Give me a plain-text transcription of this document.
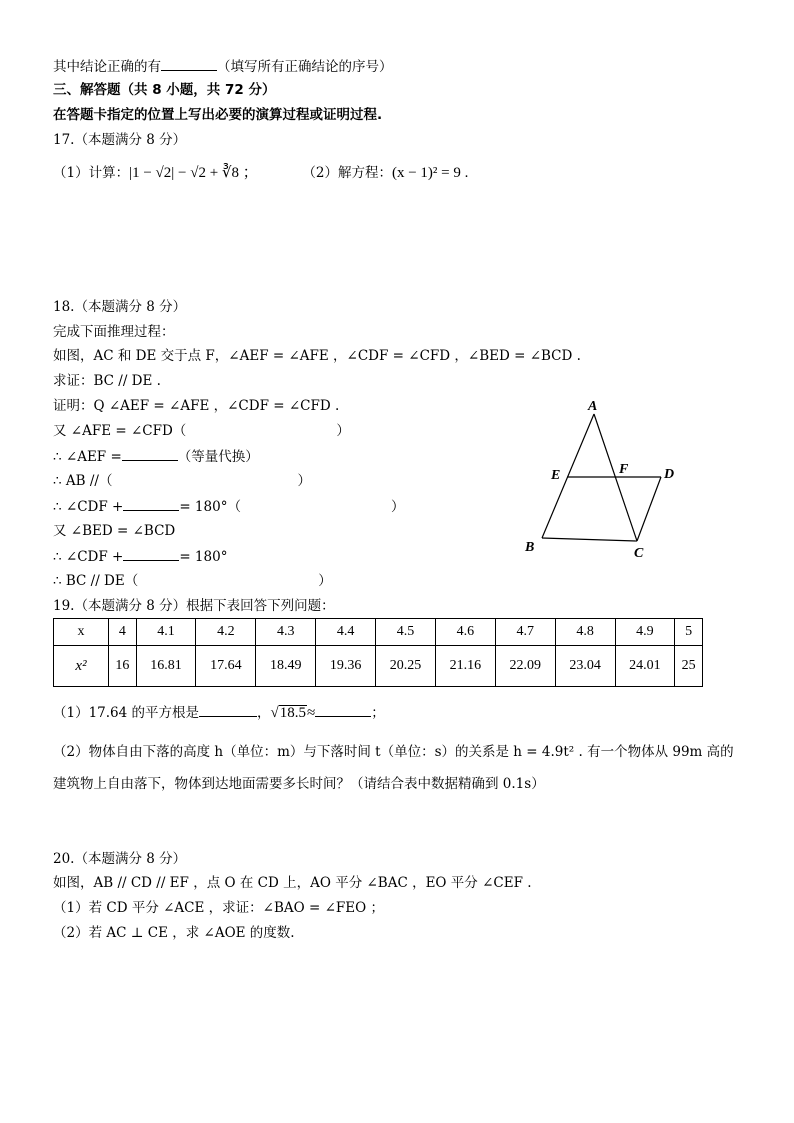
其中结论正确的有	（填写所有正确结论的序号）
三、解答题（共 8 小题，共 72 分）
在答题卡指定的位置上写出必要的演算过程或证明过程.
17.（本题满分 8 分）
（1）计算：|1 − √2| − √2 + ∛8 ；	（2）解方程：(x − 1)² = 9 .
18.（本题满分 8 分）
完成下面推理过程：
如图，AC 和 DE 交于点 F，∠AEF = ∠AFE ，∠CDF = ∠CFD ，∠BED = ∠BCD .
求证：BC // DE .
证明：Q ∠AEF = ∠AFE ，∠CDF = ∠CFD .
又 ∠AFE = ∠CFD（	）
∴ ∠AEF =	（等量代换）
∴ AB //（	）
∴ ∠CDF +	= 180°（	）
又 ∠BED = ∠BCD
∴ ∠CDF +	= 180°
∴ BC // DE（	）
A
E	F	D
B	C
19.（本题满分 8 分）根据下表回答下列问题：
x	4	4.1	4.2	4.3	4.4	4.5	4.6	4.7	4.8	4.9	5
x²	16	16.81	17.64	18.49	19.36	20.25	21.16	22.09	23.04	24.01	25
（1）17.64 的平方根是	，√18.5≈	；
（2）物体自由下落的高度 h（单位：m）与下落时间 t（单位：s）的关系是 h = 4.9t² . 有一个物体从 99m 高的
建筑物上自由落下，物体到达地面需要多长时间？（请结合表中数据精确到 0.1s）
20.（本题满分 8 分）
如图，AB // CD // EF ，点 O 在 CD 上，AO 平分 ∠BAC ，EO 平分 ∠CEF .
（1）若 CD 平分 ∠ACE ，求证：∠BAO = ∠FEO ；
（2）若 AC ⊥ CE ，求 ∠AOE 的度数.
